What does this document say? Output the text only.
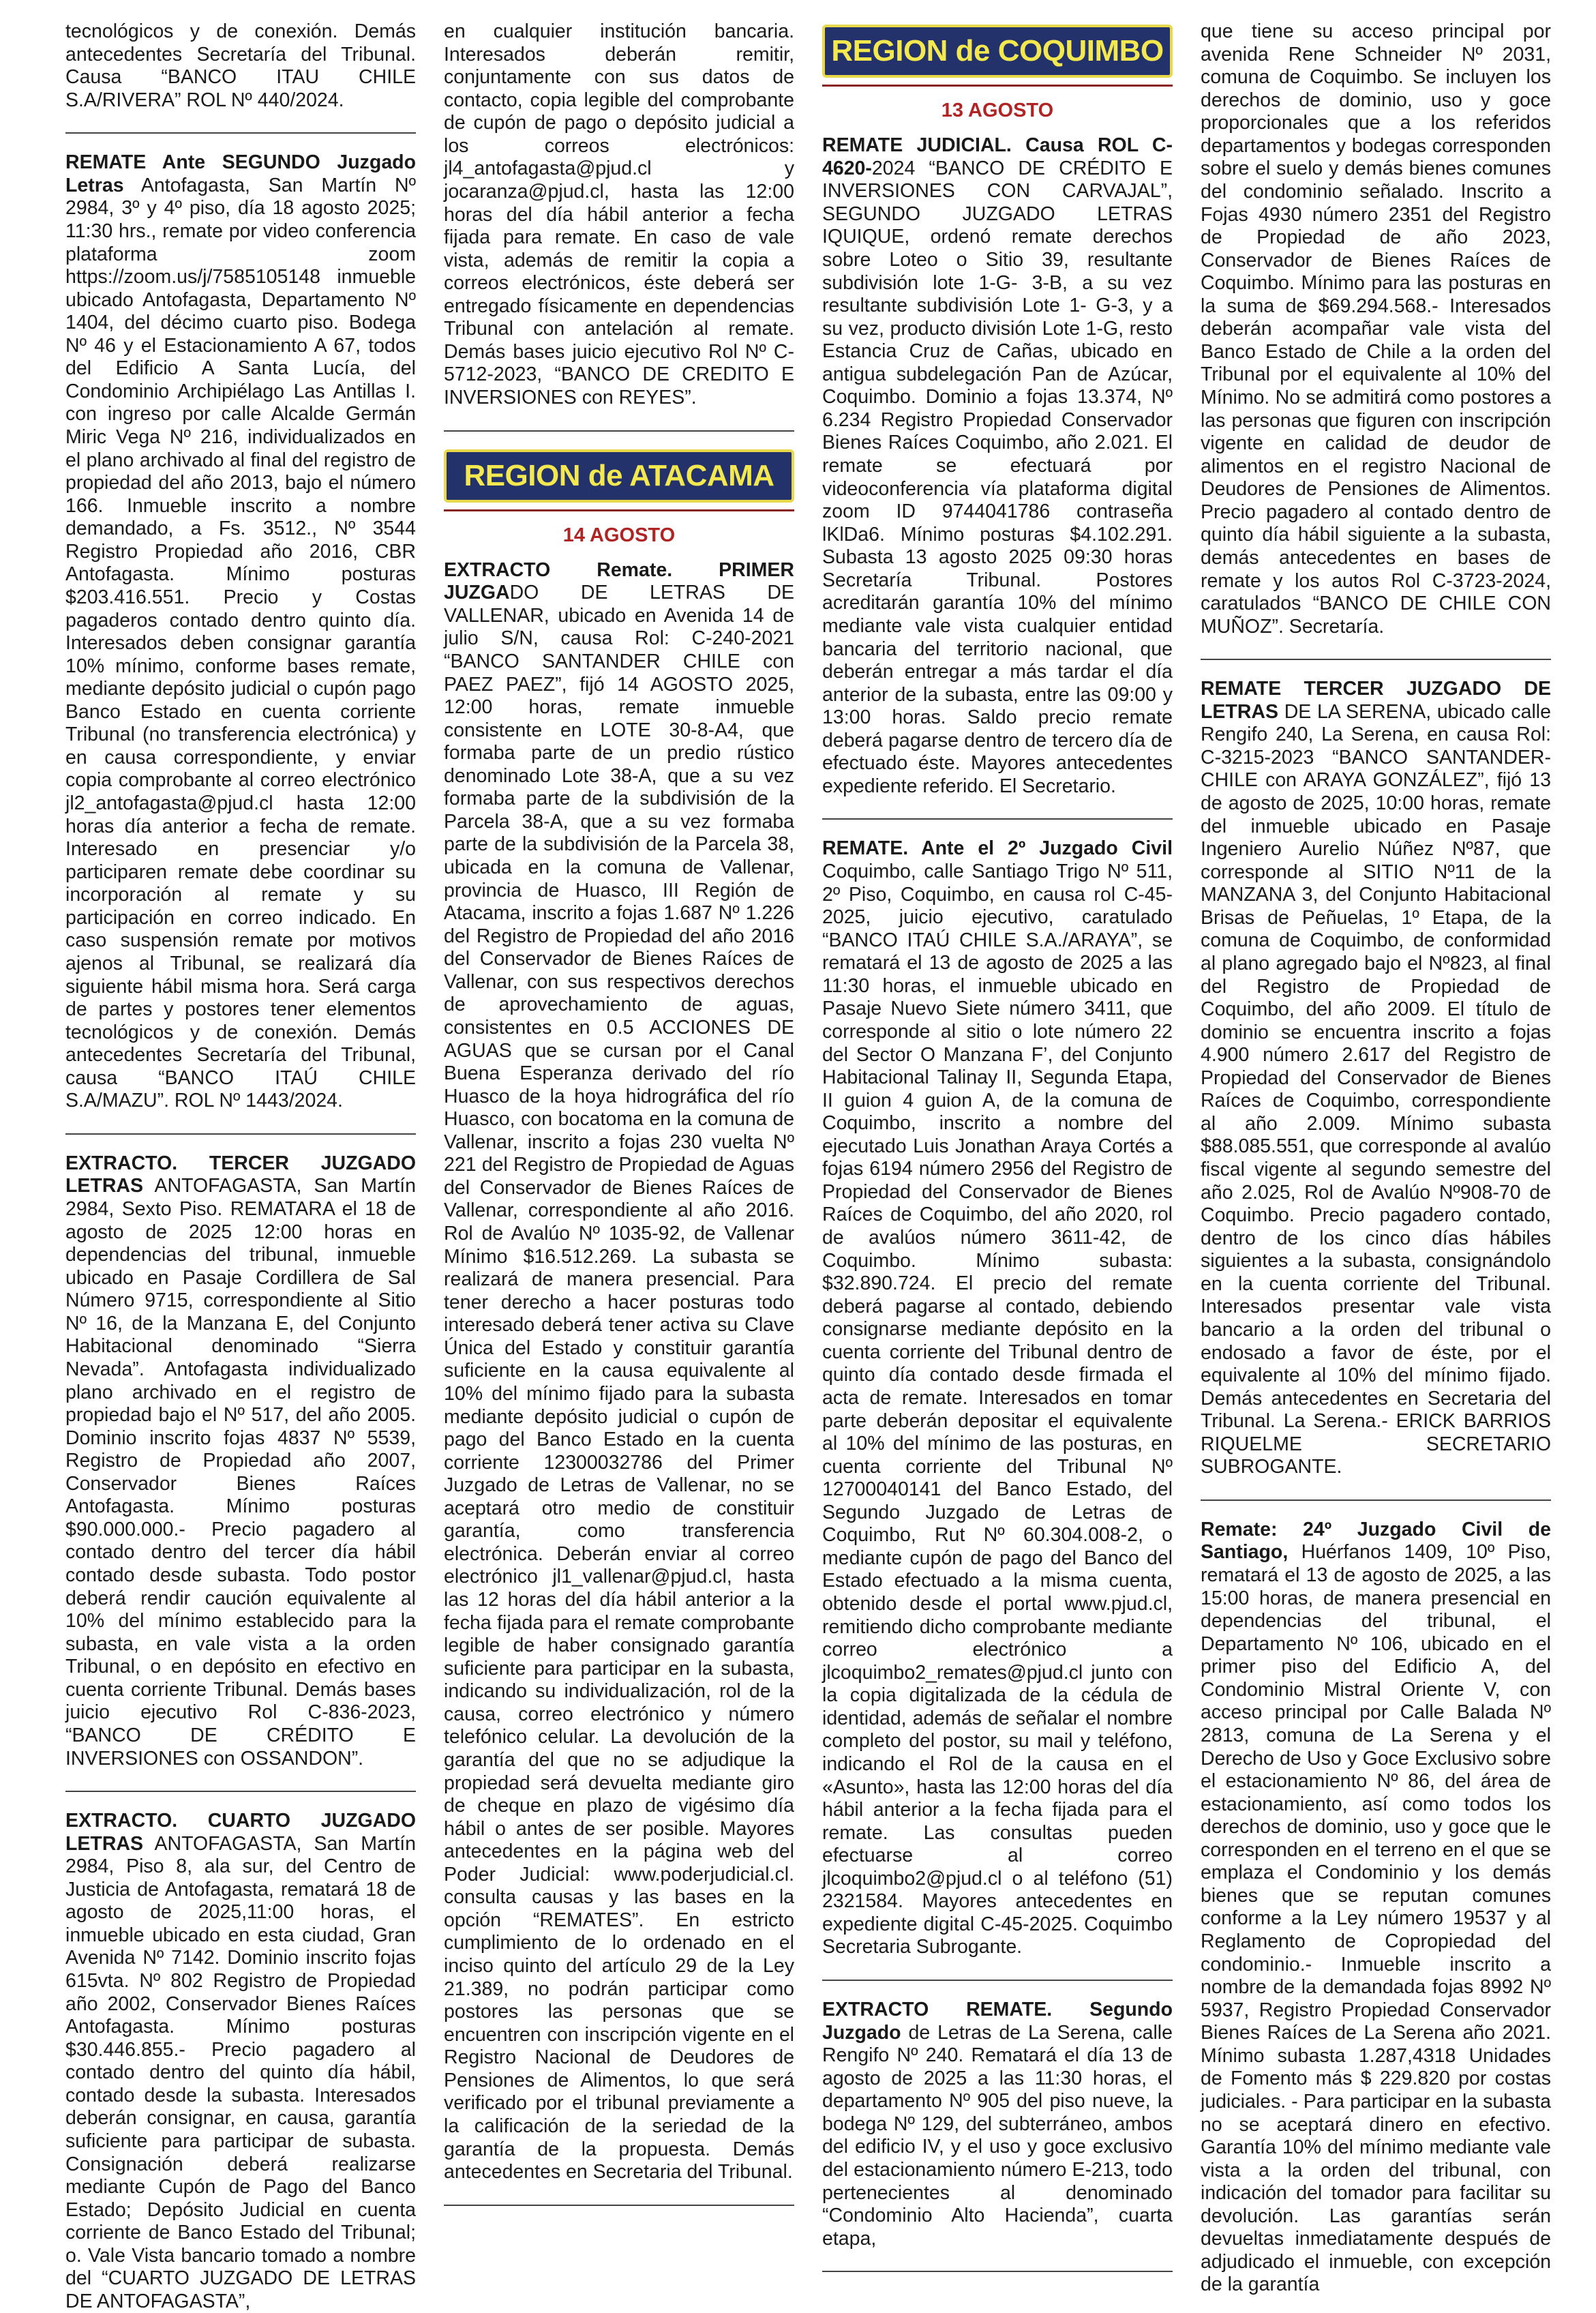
tecnológicos y de conexión. Demás antecedentes Secretaría del Tribunal. Causa “BANCO ITAU CHILE S.A/RIVERA” ROL Nº 440/2024.

REMATE Ante SEGUNDO Juzgado Letras Antofagasta, San Martín Nº 2984, 3º y 4º piso, día 18 agosto 2025; 11:30 hrs., remate por video conferencia plataforma zoom https://zoom.us/j/7585105148 inmueble ubicado Antofagasta, Departamento Nº 1404, del décimo cuarto piso. Bodega Nº 46 y el Estacionamiento A 67, todos del Edificio A Santa Lucía, del Condominio Archipiélago Las Antillas I. con ingreso por calle Alcalde Germán Miric Vega Nº 216, individualizados en el plano archivado al final del registro de propiedad del año 2013, bajo el número 166. Inmueble inscrito a nombre demandado, a Fs. 3512., Nº 3544 Registro Propiedad año 2016, CBR Antofagasta. Mínimo posturas $203.416.551. Precio y Costas pagaderos contado dentro quinto día. Interesados deben consignar garantía 10% mínimo, conforme bases remate, mediante depósito judicial o cupón pago Banco Estado en cuenta corriente Tribunal (no transferencia electrónica) y en causa correspondiente, y enviar copia comprobante al correo electrónico jl2_antofagasta@pjud.cl hasta 12:00 horas día anterior a fecha de remate. Interesado en presenciar y/o participaren remate debe coordinar su incorporación al remate y su participación en correo indicado. En caso suspensión remate por motivos ajenos al Tribunal, se realizará día siguiente hábil misma hora. Será carga de partes y postores tener elementos tecnológicos y de conexión. Demás antecedentes Secretaría del Tribunal, causa “BANCO ITAÚ CHILE S.A/MAZU”. ROL Nº 1443/2024.

EXTRACTO. TERCER JUZGADO LETRAS ANTOFAGASTA, San Martín 2984, Sexto Piso. REMATARA el 18 de agosto de 2025 12:00 horas en dependencias del tribunal, inmueble ubicado en Pasaje Cordillera de Sal Número 9715, correspondiente al Sitio Nº 16, de la Manzana E, del Conjunto Habitacional denominado “Sierra Nevada”. Antofagasta individualizado plano archivado en el registro de propiedad bajo el Nº 517, del año 2005. Dominio inscrito fojas 4837 Nº 5539, Registro de Propiedad año 2007, Conservador Bienes Raíces Antofagasta. Mínimo posturas $90.000.000.- Precio pagadero al contado dentro del tercer día hábil contado desde subasta. Todo postor deberá rendir caución equivalente al 10% del mínimo establecido para la subasta, en vale vista a la orden Tribunal, o en depósito en efectivo en cuenta corriente Tribunal. Demás bases juicio ejecutivo Rol C-836-2023, “BANCO DE CRÉDITO E INVERSIONES con OSSANDON”.

EXTRACTO. CUARTO JUZGADO LETRAS ANTOFAGASTA, San Martín 2984, Piso 8, ala sur, del Centro de Justicia de Antofagasta, rematará 18 de agosto de 2025,11:00 horas, el inmueble ubicado en esta ciudad, Gran Avenida Nº 7142. Dominio inscrito fojas 615vta. Nº 802 Registro de Propiedad año 2002, Conservador Bienes Raíces Antofagasta. Mínimo posturas $30.446.855.- Precio pagadero al contado dentro del quinto día hábil, contado desde la subasta. Interesados deberán consignar, en causa, garantía suficiente para participar de subasta. Consignación deberá realizarse mediante Cupón de Pago del Banco Estado; Depósito Judicial en cuenta corriente de Banco Estado del Tribunal; o. Vale Vista bancario tomado a nombre del “CUARTO JUZGADO DE LETRAS DE ANTOFAGASTA”,

en cualquier institución bancaria. Interesados deberán remitir, conjuntamente con sus datos de contacto, copia legible del comprobante de cupón de pago o depósito judicial a los correos electrónicos: jl4_antofagasta@pjud.cl y jocaranza@pjud.cl, hasta las 12:00 horas del día hábil anterior a fecha fijada para remate. En caso de vale vista, además de remitir la copia a correos electrónicos, éste deberá ser entregado físicamente en dependencias Tribunal con antelación al remate. Demás bases juicio ejecutivo Rol Nº C-5712-2023, “BANCO DE CREDITO E INVERSIONES con REYES”.

REGION de ATACAMA
14 AGOSTO

EXTRACTO Remate. PRIMER JUZGADO DE LETRAS DE VALLENAR, ubicado en Avenida 14 de julio S/N, causa Rol: C-240-2021 “BANCO SANTANDER CHILE con PAEZ PAEZ”, fijó 14 AGOSTO 2025, 12:00 horas, remate inmueble consistente en LOTE 30-8-A4, que formaba parte de un predio rústico denominado Lote 38-A, que a su vez formaba parte de la subdivisión de la Parcela 38-A, que a su vez formaba parte de la subdivisión de la Parcela 38, ubicada en la comuna de Vallenar, provincia de Huasco, III Región de Atacama, inscrito a fojas 1.687 Nº 1.226 del Registro de Propiedad del año 2016 del Conservador de Bienes Raíces de Vallenar, con sus respectivos derechos de aprovechamiento de aguas, consistentes en 0.5 ACCIONES DE AGUAS que se cursan por el Canal Buena Esperanza derivado del río Huasco de la hoya hidrográfica del río Huasco, con bocatoma en la comuna de Vallenar, inscrito a fojas 230 vuelta Nº 221 del Registro de Propiedad de Aguas del Conservador de Bienes Raíces de Vallenar, correspondiente al año 2016. Rol de Avalúo Nº 1035-92, de Vallenar Mínimo $16.512.269. La subasta se realizará de manera presencial. Para tener derecho a hacer posturas todo interesado deberá tener activa su Clave Única del Estado y constituir garantía suficiente en la causa equivalente al 10% del mínimo fijado para la subasta mediante depósito judicial o cupón de pago del Banco Estado en la cuenta corriente 12300032786 del Primer Juzgado de Letras de Vallenar, no se aceptará otro medio de constituir garantía, como transferencia electrónica. Deberán enviar al correo electrónico jl1_vallenar@pjud.cl, hasta las 12 horas del día hábil anterior a la fecha fijada para el remate comprobante legible de haber consignado garantía suficiente para participar en la subasta, indicando su individualización, rol de la causa, correo electrónico y número telefónico celular. La devolución de la garantía del que no se adjudique la propiedad será devuelta mediante giro de cheque en plazo de vigésimo día hábil o antes de ser posible. Mayores antecedentes en la página web del Poder Judicial: www.poderjudicial.cl. consulta causas y las bases en la opción “REMATES”. En estricto cumplimiento de lo ordenado en el inciso quinto del artículo 29 de la Ley 21.389, no podrán participar como postores las personas que se encuentren con inscripción vigente en el Registro Nacional de Deudores de Pensiones de Alimentos, lo que será verificado por el tribunal previamente a la calificación de la seriedad de la garantía de la propuesta. Demás antecedentes en Secretaria del Tribunal.

REGION de COQUIMBO
13 AGOSTO

REMATE JUDICIAL. Causa ROL C-4620-2024 “BANCO DE CRÉDITO E INVERSIONES CON CARVAJAL”, SEGUNDO JUZGADO LETRAS IQUIQUE, ordenó remate derechos sobre Loteo o Sitio 39, resultante subdivisión lote 1-G- 3-B, a su vez resultante subdivisión Lote 1- G-3, y a su vez, producto división Lote 1-G, resto Estancia Cruz de Cañas, ubicado en antigua subdelegación Pan de Azúcar, Coquimbo. Dominio a fojas 13.374, Nº 6.234 Registro Propiedad Conservador Bienes Raíces Coquimbo, año 2.021. El remate se efectuará por videoconferencia vía plataforma digital zoom ID 9744041786 contraseña lKlDa6. Mínimo posturas $4.102.291. Subasta 13 agosto 2025 09:30 horas Secretaría Tribunal. Postores acreditarán garantía 10% del mínimo mediante vale vista cualquier entidad bancaria del territorio nacional, que deberán entregar a más tardar el día anterior de la subasta, entre las 09:00 y 13:00 horas. Saldo precio remate deberá pagarse dentro de tercero día de efectuado éste. Mayores antecedentes expediente referido. El Secretario.

REMATE. Ante el 2º Juzgado Civil Coquimbo, calle Santiago Trigo Nº 511, 2º Piso, Coquimbo, en causa rol C-45-2025, juicio ejecutivo, caratulado “BANCO ITAÚ CHILE S.A./ARAYA”, se rematará el 13 de agosto de 2025 a las 11:30 horas, el inmueble ubicado en Pasaje Nuevo Siete número 3411, que corresponde al sitio o lote número 22 del Sector O Manzana F’, del Conjunto Habitacional Talinay II, Segunda Etapa, II guion 4 guion A, de la comuna de Coquimbo, inscrito a nombre del ejecutado Luis Jonathan Araya Cortés a fojas 6194 número 2956 del Registro de Propiedad del Conservador de Bienes Raíces de Coquimbo, del año 2020, rol de avalúos número 3611-42, de Coquimbo. Mínimo subasta: $32.890.724. El precio del remate deberá pagarse al contado, debiendo consignarse mediante depósito en la cuenta corriente del Tribunal dentro de quinto día contado desde firmada el acta de remate. Interesados en tomar parte deberán depositar el equivalente al 10% del mínimo de las posturas, en cuenta corriente del Tribunal Nº 12700040141 del Banco Estado, del Segundo Juzgado de Letras de Coquimbo, Rut Nº 60.304.008-2, o mediante cupón de pago del Banco del Estado efectuado a la misma cuenta, obtenido desde el portal www.pjud.cl, remitiendo dicho comprobante mediante correo electrónico a jlcoquimbo2_remates@pjud.cl junto con la copia digitalizada de la cédula de identidad, además de señalar el nombre completo del postor, su mail y teléfono, indicando el Rol de la causa en el «Asunto», hasta las 12:00 horas del día hábil anterior a la fecha fijada para el remate. Las consultas pueden efectuarse al correo jlcoquimbo2@pjud.cl o al teléfono (51) 2321584. Mayores antecedentes en expediente digital C-45-2025. Coquimbo Secretaria Subrogante.

EXTRACTO REMATE. Segundo Juzgado de Letras de La Serena, calle Rengifo Nº 240. Rematará el día 13 de agosto de 2025 a las 11:30 horas, el departamento Nº 905 del piso nueve, la bodega Nº 129, del subterráneo, ambos del edificio IV, y el uso y goce exclusivo del estacionamiento número E-213, todo pertenecientes al denominado “Condominio Alto Hacienda”, cuarta etapa,

que tiene su acceso principal por avenida Rene Schneider Nº 2031, comuna de Coquimbo. Se incluyen los derechos de dominio, uso y goce proporcionales que a los referidos departamentos y bodegas corresponden sobre el suelo y demás bienes comunes del condominio señalado. Inscrito a Fojas 4930 número 2351 del Registro de Propiedad de año 2023, Conservador de Bienes Raíces de Coquimbo. Mínimo para las posturas en la suma de $69.294.568.- Interesados deberán acompañar vale vista del Banco Estado de Chile a la orden del Tribunal por el equivalente al 10% del Mínimo. No se admitirá como postores a las personas que figuren con inscripción vigente en calidad de deudor de alimentos en el registro Nacional de Deudores de Pensiones de Alimentos. Precio pagadero al contado dentro de quinto día hábil siguiente a la subasta, demás antecedentes en bases de remate y los autos Rol C-3723-2024, caratulados “BANCO DE CHILE CON MUÑOZ”. Secretaría.

REMATE TERCER JUZGADO DE LETRAS DE LA SERENA, ubicado calle Rengifo 240, La Serena, en causa Rol: C-3215-2023 “BANCO SANTANDER-CHILE con ARAYA GONZÁLEZ”, fijó 13 de agosto de 2025, 10:00 horas, remate del inmueble ubicado en Pasaje Ingeniero Aurelio Núñez Nº87, que corresponde al SITIO Nº11 de la MANZANA 3, del Conjunto Habitacional Brisas de Peñuelas, 1º Etapa, de la comuna de Coquimbo, de conformidad al plano agregado bajo el Nº823, al final del Registro de Propiedad de Coquimbo, del año 2009. El título de dominio se encuentra inscrito a fojas 4.900 número 2.617 del Registro de Propiedad del Conservador de Bienes Raíces de Coquimbo, correspondiente al año 2.009. Mínimo subasta $88.085.551, que corresponde al avalúo fiscal vigente al segundo semestre del año 2.025, Rol de Avalúo Nº908-70 de Coquimbo. Precio pagadero contado, dentro de los cinco días hábiles siguientes a la subasta, consignándolo en la cuenta corriente del Tribunal. Interesados presentar vale vista bancario a la orden del tribunal o endosado a favor de éste, por el equivalente al 10% del mínimo fijado. Demás antecedentes en Secretaria del Tribunal. La Serena.- ERICK BARRIOS RIQUELME SECRETARIO SUBROGANTE.

Remate: 24º Juzgado Civil de Santiago, Huérfanos 1409, 10º Piso, rematará el 13 de agosto de 2025, a las 15:00 horas, de manera presencial en dependencias del tribunal, el Departamento Nº 106, ubicado en el primer piso del Edificio A, del Condominio Mistral Oriente V, con acceso principal por Calle Balada Nº 2813, comuna de La Serena y el Derecho de Uso y Goce Exclusivo sobre el estacionamiento Nº 86, del área de estacionamiento, así como todos los derechos de dominio, uso y goce que le corresponden en el terreno en el que se emplaza el Condominio y los demás bienes que se reputan comunes conforme a la Ley número 19537 y al Reglamento de Copropiedad del condominio.- Inmueble inscrito a nombre de la demandada fojas 8992 Nº 5937, Registro Propiedad Conservador Bienes Raíces de La Serena año 2021. Mínimo subasta 1.287,4318 Unidades de Fomento más $ 229.820 por costas judiciales. - Para participar en la subasta no se aceptará dinero en efectivo. Garantía 10% del mínimo mediante vale vista a la orden del tribunal, con indicación del tomador para facilitar su devolución. Las garantías serán devueltas inmediatamente después de adjudicado el inmueble, con excepción de la garantía
